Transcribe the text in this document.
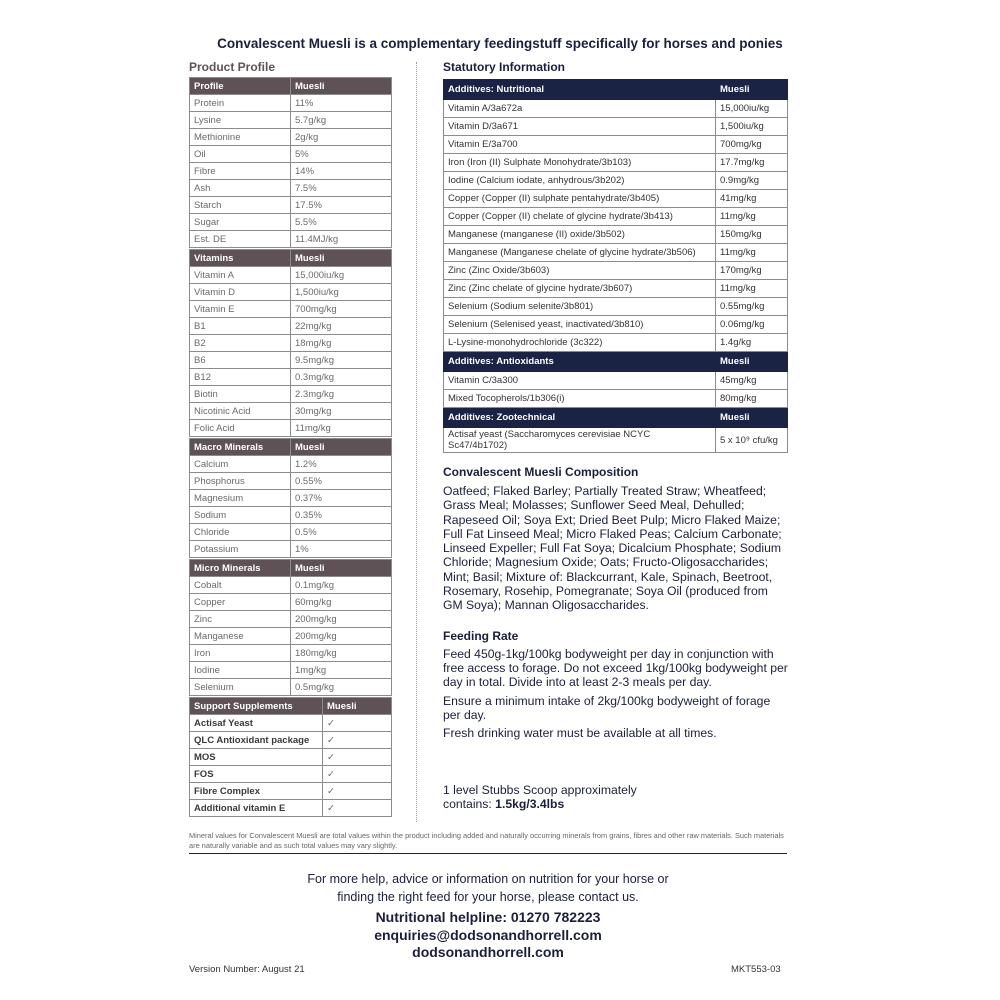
Convalescent Muesli is a complementary feedingstuff specifically for horses and ponies
Product Profile
Profile	Muesli
Protein	11%
Lysine	5.7g/kg
Methionine	2g/kg
Oil	5%
Fibre	14%
Ash	7.5%
Starch	17.5%
Sugar	5.5%
Est. DE	11.4MJ/kg
Vitamins	Muesli
Vitamin A	15,000iu/kg
Vitamin D	1,500iu/kg
Vitamin E	700mg/kg
B1	22mg/kg
B2	18mg/kg
B6	9.5mg/kg
B12	0.3mg/kg
Biotin	2.3mg/kg
Nicotinic Acid	30mg/kg
Folic Acid	11mg/kg
Macro Minerals	Muesli
Calcium	1.2%
Phosphorus	0.55%
Magnesium	0.37%
Sodium	0.35%
Chloride	0.5%
Potassium	1%
Micro Minerals	Muesli
Cobalt	0.1mg/kg
Copper	60mg/kg
Zinc	200mg/kg
Manganese	200mg/kg
Iron	180mg/kg
Iodine	1mg/kg
Selenium	0.5mg/kg
Support Supplements	Muesli
Actisaf Yeast	✓
QLC Antioxidant package	✓
MOS	✓
FOS	✓
Fibre Complex	✓
Additional vitamin E	✓
Mineral values for Convalescent Muesli are total values within the product including added and naturally occurring minerals from grains, fibres and other raw materials. Such materials are naturally variable and as such total values may vary slightly.
Statutory Information
Additives: Nutritional	Muesli
Vitamin A/3a672a	15,000iu/kg
Vitamin D/3a671	1,500iu/kg
Vitamin E/3a700	700mg/kg
Iron (Iron (II) Sulphate Monohydrate/3b103)	17.7mg/kg
Iodine (Calcium iodate, anhydrous/3b202)	0.9mg/kg
Copper (Copper (II) sulphate pentahydrate/3b405)	41mg/kg
Copper (Copper (II) chelate of glycine hydrate/3b413)	11mg/kg
Manganese (manganese (II) oxide/3b502)	150mg/kg
Manganese (Manganese chelate of glycine hydrate/3b506)	11mg/kg
Zinc (Zinc Oxide/3b603)	170mg/kg
Zinc (Zinc chelate of glycine hydrate/3b607)	11mg/kg
Selenium (Sodium selenite/3b801)	0.55mg/kg
Selenium (Selenised yeast, inactivated/3b810)	0.06mg/kg
L-Lysine-monohydrochloride (3c322)	1.4g/kg
Additives: Antioxidants	Muesli
Vitamin C/3a300	45mg/kg
Mixed Tocopherols/1b306(i)	80mg/kg
Additives: Zootechnical	Muesli
Actisaf yeast (Saccharomyces cerevisiae NCYC Sc47/4b1702)	5 x 10⁹ cfu/kg
Convalescent Muesli Composition
Oatfeed; Flaked Barley; Partially Treated Straw; Wheatfeed; Grass Meal; Molasses; Sunflower Seed Meal, Dehulled; Rapeseed Oil; Soya Ext; Dried Beet Pulp; Micro Flaked Maize; Full Fat Linseed Meal; Micro Flaked Peas; Calcium Carbonate; Linseed Expeller; Full Fat Soya; Dicalcium Phosphate; Sodium Chloride; Magnesium Oxide; Oats; Fructo-Oligosaccharides; Mint; Basil; Mixture of: Blackcurrant, Kale, Spinach, Beetroot, Rosemary, Rosehip, Pomegranate; Soya Oil (produced from GM Soya); Mannan Oligosaccharides.
Feeding Rate

Feed 450g-1kg/100kg bodyweight per day in conjunction with free access to forage. Do not exceed 1kg/100kg bodyweight per day in total. Divide into at least 2-3 meals per day.

Ensure a minimum intake of 2kg/100kg bodyweight of forage per day.

Fresh drinking water must be available at all times.

1 level Stubbs Scoop approximately
contains: 1.5kg/3.4lbs
For more help, advice or information on nutrition for your horse or
finding the right feed for your horse, please contact us.
Nutritional helpline: 01270 782223
enquiries@dodsonandhorrell.com
dodsonandhorrell.com
Version Number: August 21	MKT553-03
